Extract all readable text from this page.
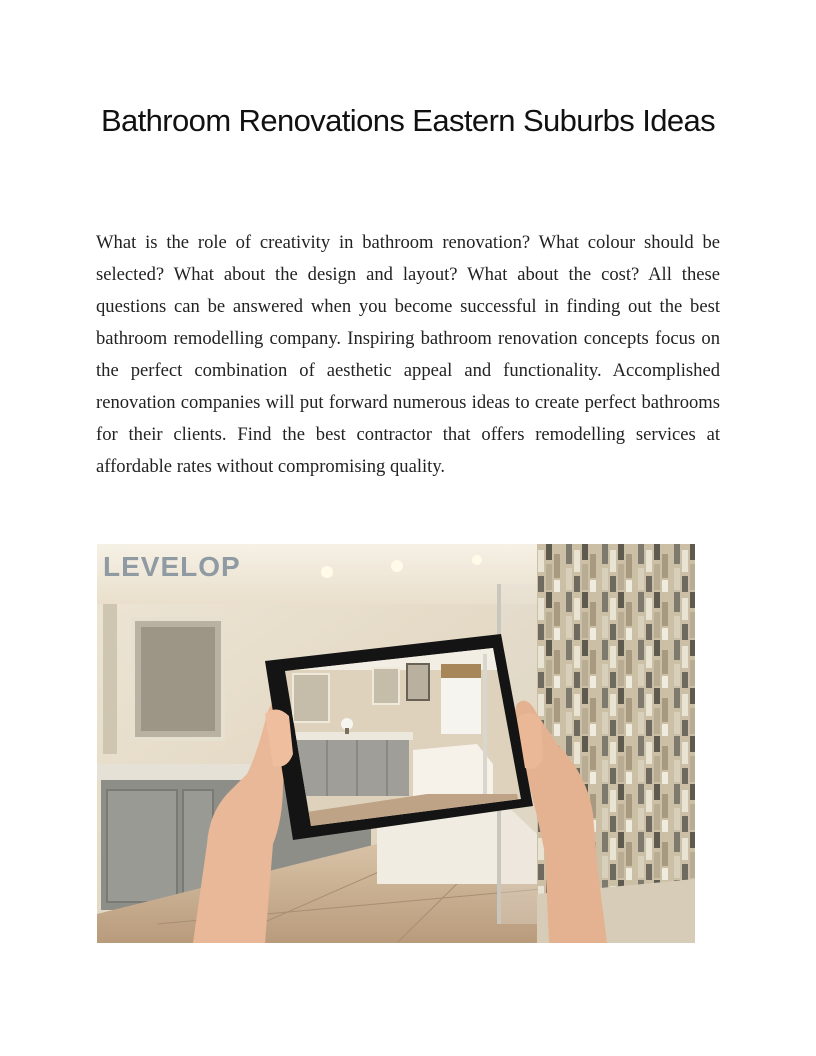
Bathroom Renovations Eastern Suburbs Ideas

What is the role of creativity in bathroom renovation? What colour should be selected? What about the design and layout? What about the cost? All these questions can be answered when you become successful in finding out the best bathroom remodelling company. Inspiring bathroom renovation concepts focus on the perfect combination of aesthetic appeal and functionality. Accomplished renovation companies will put forward numerous ideas to create perfect bathrooms for their clients. Find the best contractor that offers remodelling services at affordable rates without compromising quality.

LEVELOP
